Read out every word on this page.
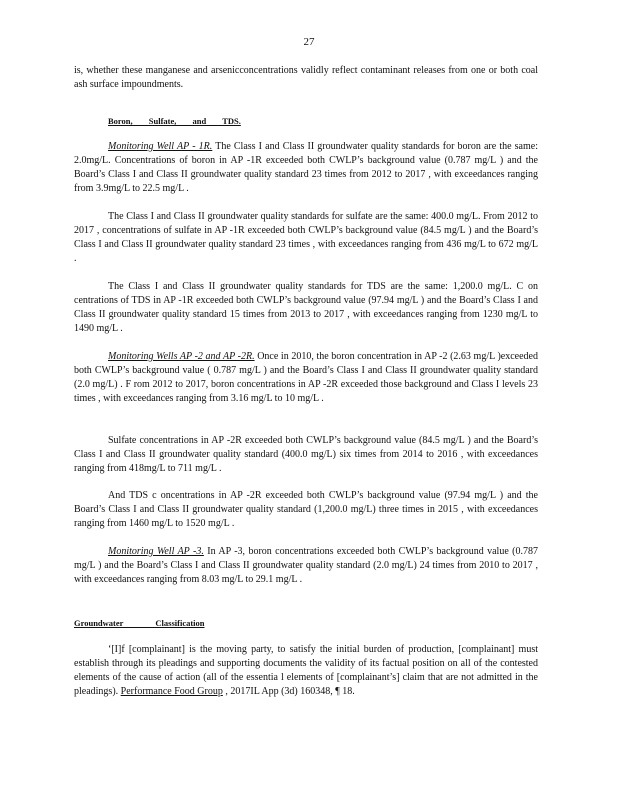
27

is, whether these manganese and arsenicconcentrations validly reflect contaminant releases from one or both coal ash surface impoundments.

Boron, Sulfate, and TDS.

Monitoring Well AP - 1R. The Class I and Class II groundwater quality standards for boron are the same: 2.0mg/L. Concentrations of boron in AP -1R exceeded both CWLP’s background value (0.787 mg/L ) and the Board’s Class I and Class II groundwater quality standard 23 times from 2012 to 2017 , with exceedances ranging from 3.9mg/L to 22.5 mg/L .

The Class I and Class II groundwater quality standards for sulfate are the same: 400.0 mg/L. From 2012 to 2017 , concentrations of sulfate in AP -1R exceeded both CWLP’s background value (84.5 mg/L ) and the Board’s Class I and Class II groundwater quality standard 23 times , with exceedances ranging from 436 mg/L to 672 mg/L .

The Class I and Class II groundwater quality standards for TDS are the same: 1,200.0 mg/L. C on centrations of TDS in AP -1R exceeded both CWLP’s background value (97.94 mg/L ) and the Board’s Class I and Class II groundwater quality standard 15 times from 2013 to 2017 , with exceedances ranging from 1230 mg/L to 1490 mg/L .

Monitoring Wells AP -2 and AP -2R. Once in 2010, the boron concentration in AP -2 (2.63 mg/L )exceeded both CWLP’s background value ( 0.787 mg/L ) and the Board’s Class I and Class II groundwater quality standard (2.0 mg/L) . F rom 2012 to 2017, boron concentrations in AP -2R exceeded those background and Class I levels 23 times , with exceedances ranging from 3.16 mg/L to 10 mg/L .

Sulfate concentrations in AP -2R exceeded both CWLP’s background value (84.5 mg/L ) and the Board’s Class I and Class II groundwater quality standard (400.0 mg/L) six times from 2014 to 2016 , with exceedances ranging from 418mg/L to 711 mg/L .

And TDS c oncentrations in AP -2R exceeded both CWLP’s background value (97.94 mg/L ) and the Board’s Class I and Class II groundwater quality standard (1,200.0 mg/L) three times in 2015 , with exceedances ranging from 1460 mg/L to 1520 mg/L .

Monitoring Well AP -3. In AP -3, boron concentrations exceeded both CWLP’s background value (0.787 mg/L ) and the Board’s Class I and Class II groundwater quality standard (2.0 mg/L) 24 times from 2010 to 2017 , with exceedances ranging from 8.03 mg/L to 29.1 mg/L .

Groundwater Classification

‘[I]f [complainant] is the moving party, to satisfy the initial burden of production, [complainant] must establish through its pleadings and supporting documents the validity of its factual position on all of the contested elements of the cause of action (all of the essentia l elements of [complainant’s] claim that are not admitted in the pleadings). Performance Food Group , 2017IL App (3d) 160348, ¶ 18.
